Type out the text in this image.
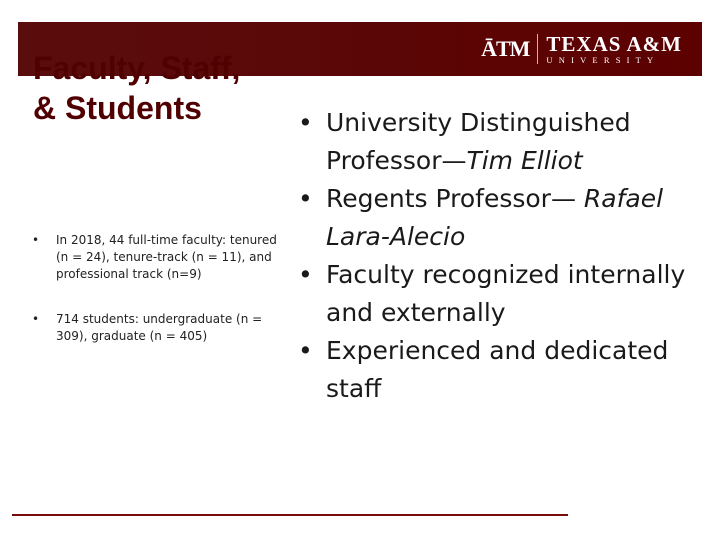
ĀTM TEXAS A&M
UNIVERSITY
Faculty, Staff, & Students
• In 2018, 44 full-time faculty: tenured (n = 24), tenure-track (n = 11), and professional track (n=9)
• 714 students: undergraduate (n = 309), graduate (n = 405)
• University Distinguished Professor—Tim Elliot
• Regents Professor— Rafael Lara-Alecio
• Faculty recognized internally and externally
• Experienced and dedicated staff
